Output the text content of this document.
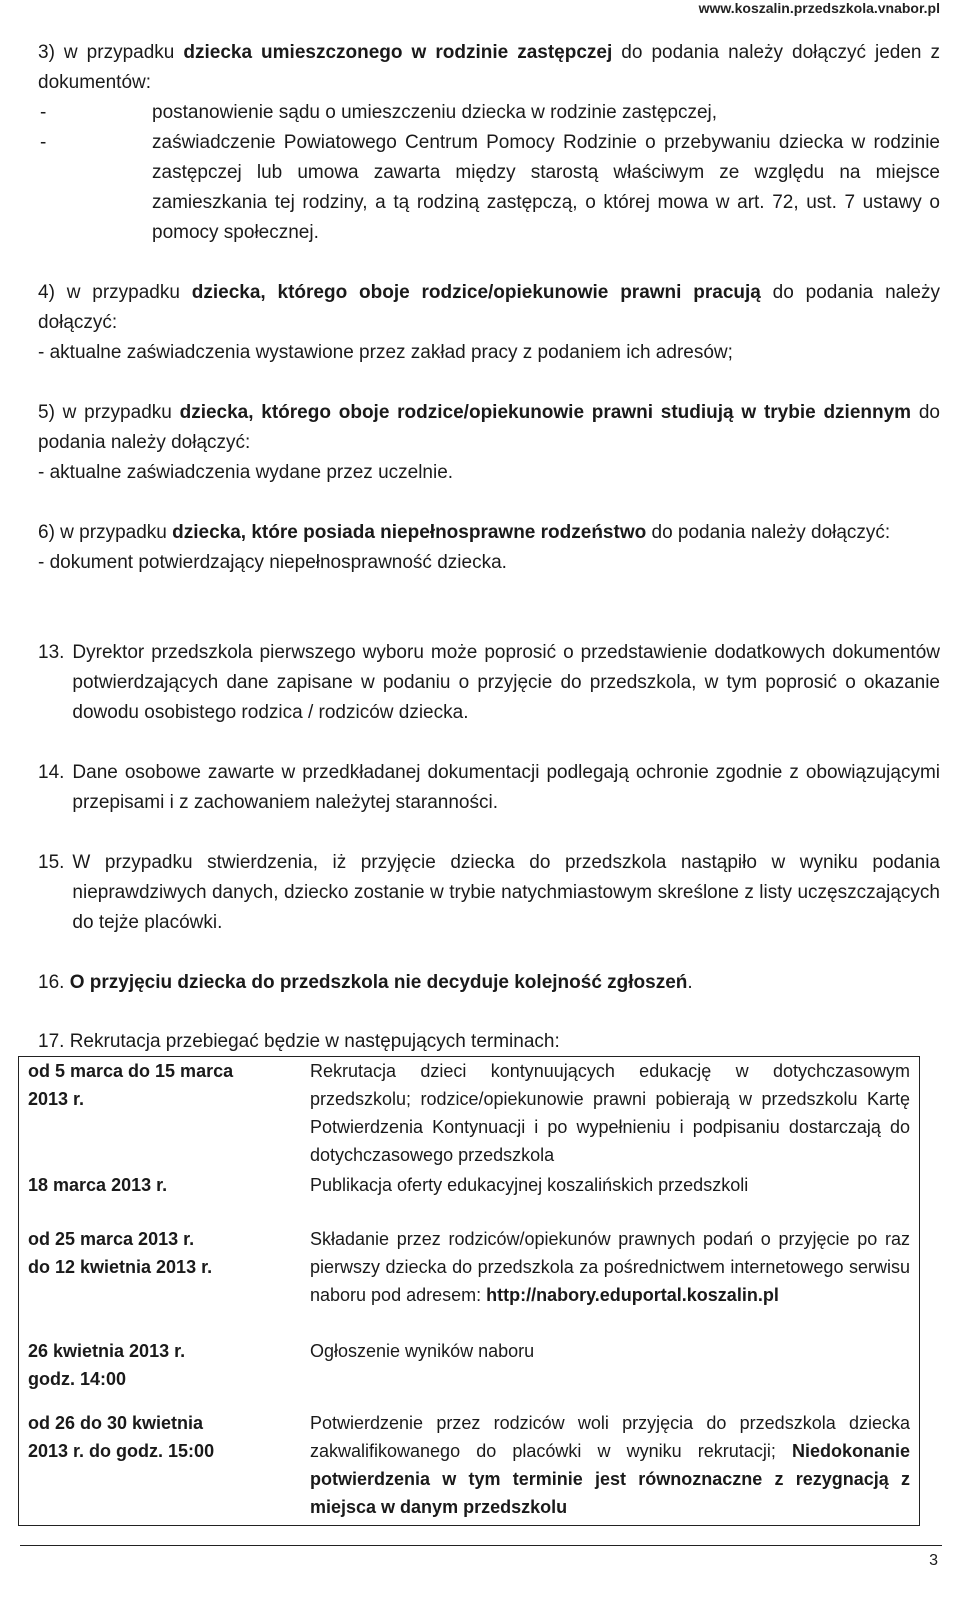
www.koszalin.przedszkola.vnabor.pl
3) w przypadku dziecka umieszczonego w rodzinie zastępczej do podania należy dołączyć jeden z dokumentów:
-	postanowienie sądu o umieszczeniu dziecka w rodzinie zastępczej,
-	zaświadczenie Powiatowego Centrum Pomocy Rodzinie o przebywaniu dziecka w rodzinie zastępczej lub umowa zawarta między starostą właściwym ze względu na miejsce zamieszkania tej rodziny, a tą rodziną zastępczą, o której mowa w art. 72, ust. 7 ustawy o pomocy społecznej.
4) w przypadku dziecka, którego oboje rodzice/opiekunowie prawni pracują do podania należy dołączyć:
- aktualne zaświadczenia wystawione przez zakład pracy z podaniem ich adresów;
5) w przypadku dziecka, którego oboje rodzice/opiekunowie prawni studiują w trybie dziennym do podania należy dołączyć:
- aktualne zaświadczenia wydane przez uczelnie.
6) w przypadku dziecka, które posiada niepełnosprawne rodzeństwo do podania należy dołączyć:
- dokument potwierdzający niepełnosprawność dziecka.
13. Dyrektor przedszkola pierwszego wyboru może poprosić o przedstawienie dodatkowych dokumentów potwierdzających dane zapisane w podaniu o przyjęcie do przedszkola, w tym poprosić o okazanie dowodu osobistego rodzica / rodziców dziecka.
14. Dane osobowe zawarte w przedkładanej dokumentacji podlegają ochronie zgodnie z obowiązującymi przepisami i z zachowaniem należytej staranności.
15. W przypadku stwierdzenia, iż przyjęcie dziecka do przedszkola nastąpiło w wyniku podania nieprawdziwych danych, dziecko zostanie w trybie natychmiastowym skreślone z listy uczęszczających do tejże placówki.
16. O przyjęciu dziecka do przedszkola nie decyduje kolejność zgłoszeń.
17. Rekrutacja przebiegać będzie w następujących terminach:
od 5 marca do 15 marca
2013 r.	Rekrutacja dzieci kontynuujących edukację w dotychczasowym przedszkolu; rodzice/opiekunowie prawni pobierają w przedszkolu Kartę Potwierdzenia Kontynuacji i po wypełnieniu i podpisaniu dostarczają do dotychczasowego przedszkola

18 marca 2013 r.	Publikacja oferty edukacyjnej koszalińskich przedszkoli

od 25 marca 2013 r.
do 12 kwietnia 2013 r.	Składanie przez rodziców/opiekunów prawnych podań o przyjęcie po raz pierwszy dziecka do przedszkola za pośrednictwem internetowego serwisu naboru pod adresem: http://nabory.eduportal.koszalin.pl

26 kwietnia 2013 r.
godz. 14:00	Ogłoszenie wyników naboru

od 26 do 30 kwietnia
2013 r. do godz. 15:00	Potwierdzenie przez rodziców woli przyjęcia do przedszkola dziecka zakwalifikowanego do placówki w wyniku rekrutacji; Niedokonanie potwierdzenia w tym terminie jest równoznaczne z rezygnacją z miejsca w danym przedszkolu
3
